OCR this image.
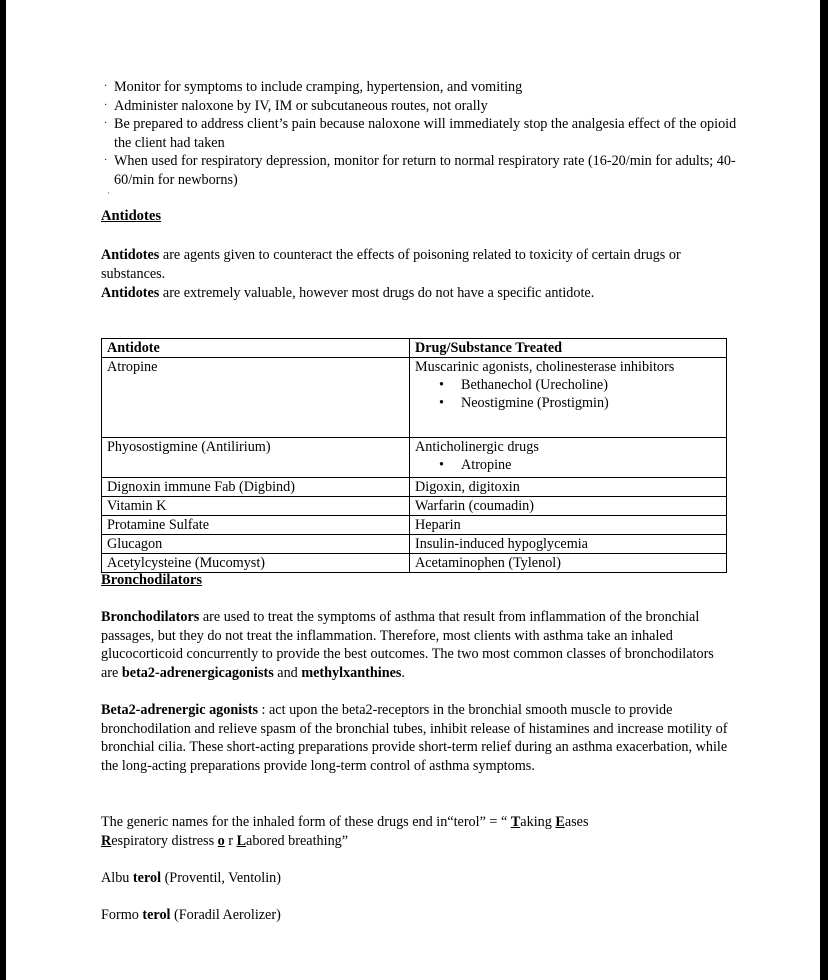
· Monitor for symptoms to include cramping, hypertension, and vomiting
· Administer naloxone by IV, IM or subcutaneous routes, not orally
· Be prepared to address client’s pain because naloxone will immediately stop the analgesia effect of the opioid the client had taken
· When used for respiratory depression, monitor for return to normal respiratory rate (16-20/min for adults; 40-60/min for newborns)
·
Antidotes
Antidotes are agents given to counteract the effects of poisoning related to toxicity of certain drugs or substances.
Antidotes are extremely valuable, however most drugs do not have a specific antidote.
Antidote	Drug/Substance Treated
Atropine	Muscarinic agonists, cholinesterase inhibitors
• Bethanechol (Urecholine)
• Neostigmine (Prostigmin)

Phyosostigmine (Antilirium)	Anticholinergic drugs
• Atropine

Dignoxin immune Fab (Digbind)	Digoxin, digitoxin
Vitamin K	Warfarin (coumadin)
Protamine Sulfate	Heparin
Glucagon	Insulin-induced hypoglycemia
Acetylcysteine (Mucomyst)	Acetaminophen (Tylenol)
Bronchodilators
Bronchodilators are used to treat the symptoms of asthma that result from inflammation of the bronchial passages, but they do not treat the inflammation. Therefore, most clients with asthma take an inhaled glucocorticoid concurrently to provide the best outcomes. The two most common classes of bronchodilators are beta2-adrenergicagonists and methylxanthines.
Beta2-adrenergic agonists : act upon the beta2-receptors in the bronchial smooth muscle to provide bronchodilation and relieve spasm of the bronchial tubes, inhibit release of histamines and increase motility of bronchial cilia. These short-acting preparations provide short-term relief during an asthma exacerbation, while the long-acting preparations provide long-term control of asthma symptoms.
The generic names for the inhaled form of these drugs end in“terol” = “ Taking Eases
Respiratory distress o r Labored breathing”
Albu terol (Proventil, Ventolin)
Formo terol (Foradil Aerolizer)
